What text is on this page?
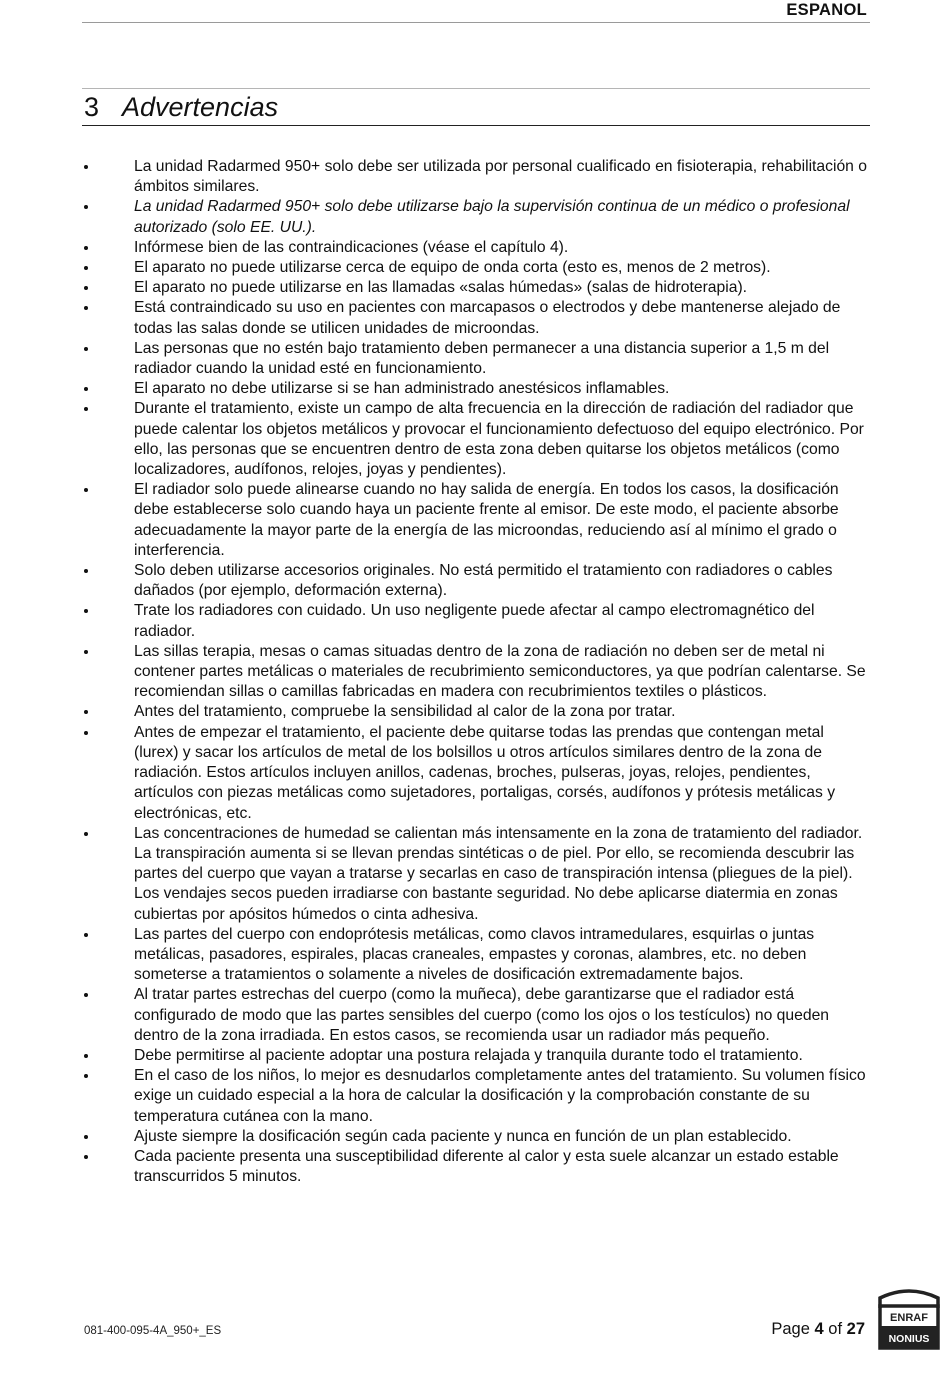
ESPANOL
3 Advertencias
La unidad Radarmed 950+ solo debe ser utilizada por personal cualificado en fisioterapia, rehabilitación o ámbitos similares.
La unidad Radarmed 950+ solo debe utilizarse bajo la supervisión continua de un médico o profesional autorizado (solo EE. UU.).
Infórmese bien de las contraindicaciones (véase el capítulo 4).
El aparato no puede utilizarse cerca de equipo de onda corta (esto es, menos de 2 metros).
El aparato no puede utilizarse en las llamadas «salas húmedas» (salas de hidroterapia).
Está contraindicado su uso en pacientes con marcapasos o electrodos y debe mantenerse alejado de todas las salas donde se utilicen unidades de microondas.
Las personas que no estén bajo tratamiento deben permanecer a una distancia superior a 1,5 m del radiador cuando la unidad esté en funcionamiento.
El aparato no debe utilizarse si se han administrado anestésicos inflamables.
Durante el tratamiento, existe un campo de alta frecuencia en la dirección de radiación del radiador que puede calentar los objetos metálicos y provocar el funcionamiento defectuoso del equipo electrónico. Por ello, las personas que se encuentren dentro de esta zona deben quitarse los objetos metálicos (como localizadores, audífonos, relojes, joyas y pendientes).
El radiador solo puede alinearse cuando no hay salida de energía. En todos los casos, la dosificación debe establecerse solo cuando haya un paciente frente al emisor. De este modo, el paciente absorbe adecuadamente la mayor parte de la energía de las microondas, reduciendo así al mínimo el grado o interferencia.
Solo deben utilizarse accesorios originales. No está permitido el tratamiento con radiadores o cables dañados (por ejemplo, deformación externa).
Trate los radiadores con cuidado. Un uso negligente puede afectar al campo electromagnético del radiador.
Las sillas terapia, mesas o camas situadas dentro de la zona de radiación no deben ser de metal ni contener partes metálicas o materiales de recubrimiento semiconductores, ya que podrían calentarse. Se recomiendan sillas o camillas fabricadas en madera con recubrimientos textiles o plásticos.
Antes del tratamiento, compruebe la sensibilidad al calor de la zona por tratar.
Antes de empezar el tratamiento, el paciente debe quitarse todas las prendas que contengan metal (lurex) y sacar los artículos de metal de los bolsillos u otros artículos similares dentro de la zona de radiación. Estos artículos incluyen anillos, cadenas, broches, pulseras, joyas, relojes, pendientes, artículos con piezas metálicas como sujetadores, portaligas, corsés, audífonos y prótesis metálicas y electrónicas, etc.
Las concentraciones de humedad se calientan más intensamente en la zona de tratamiento del radiador. La transpiración aumenta si se llevan prendas sintéticas o de piel. Por ello, se recomienda descubrir las partes del cuerpo que vayan a tratarse y secarlas en caso de transpiración intensa (pliegues de la piel). Los vendajes secos pueden irradiarse con bastante seguridad. No debe aplicarse diatermia en zonas cubiertas por apósitos húmedos o cinta adhesiva.
Las partes del cuerpo con endoprótesis metálicas, como clavos intramedulares, esquirlas o juntas metálicas, pasadores, espirales, placas craneales, empastes y coronas, alambres, etc. no deben someterse a tratamientos o solamente a niveles de dosificación extremadamente bajos.
Al tratar partes estrechas del cuerpo (como la muñeca), debe garantizarse que el radiador está configurado de modo que las partes sensibles del cuerpo (como los ojos o los testículos) no queden dentro de la zona irradiada. En estos casos, se recomienda usar un radiador más pequeño.
Debe permitirse al paciente adoptar una postura relajada y tranquila durante todo el tratamiento.
En el caso de los niños, lo mejor es desnudarlos completamente antes del tratamiento. Su volumen físico exige un cuidado especial a la hora de calcular la dosificación y la comprobación constante de su temperatura cutánea con la mano.
Ajuste siempre la dosificación según cada paciente y nunca en función de un plan establecido.
Cada paciente presenta una susceptibilidad diferente al calor y esta suele alcanzar un estado estable transcurridos 5 minutos.
081-400-095-4A_950+_ES	Page 4 of 27
ENRAF
NONIUS
